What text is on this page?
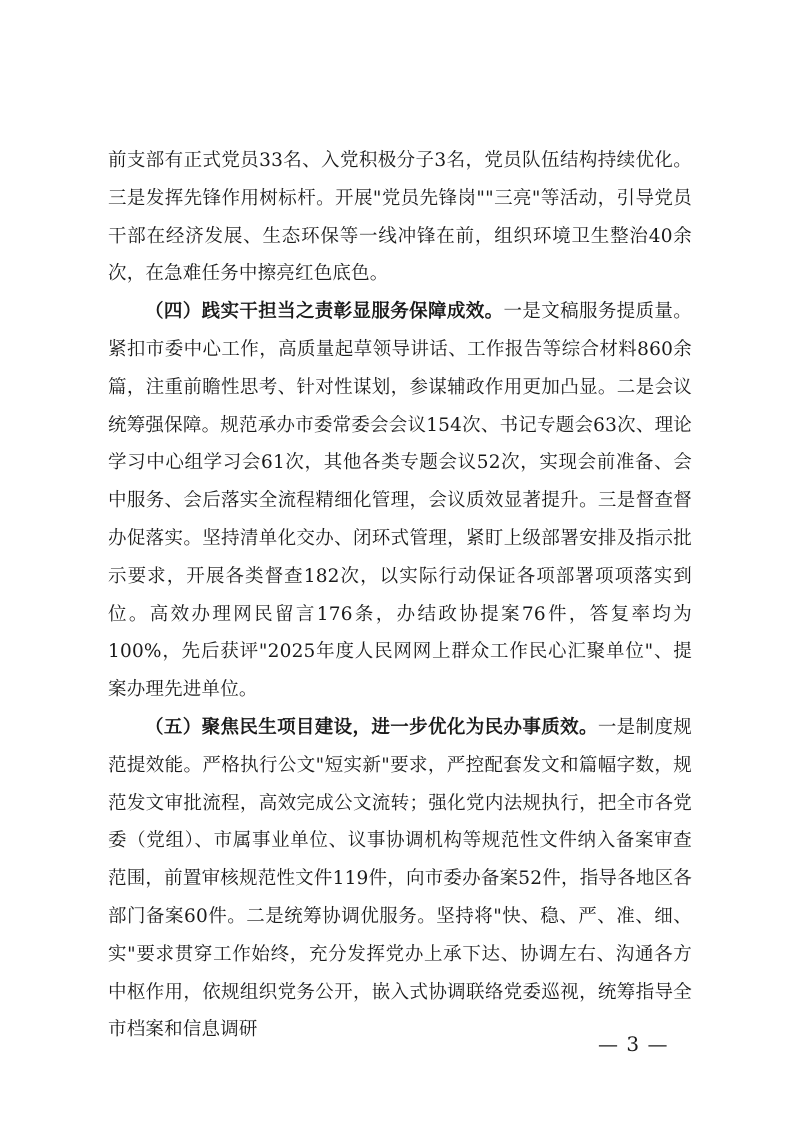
前支部有正式党员33名、入党积极分子3名，党员队伍结构持续优化。三是发挥先锋作用树标杆。开展"党员先锋岗""三亮"等活动，引导党员干部在经济发展、生态环保等一线冲锋在前，组织环境卫生整治40余次，在急难任务中擦亮红色底色。

（四）践实干担当之责彰显服务保障成效。一是文稿服务提质量。紧扣市委中心工作，高质量起草领导讲话、工作报告等综合材料860余篇，注重前瞻性思考、针对性谋划，参谋辅政作用更加凸显。二是会议统筹强保障。规范承办市委常委会会议154次、书记专题会63次、理论学习中心组学习会61次，其他各类专题会议52次，实现会前准备、会中服务、会后落实全流程精细化管理，会议质效显著提升。三是督查督办促落实。坚持清单化交办、闭环式管理，紧盯上级部署安排及指示批示要求，开展各类督查182次，以实际行动保证各项部署项项落实到位。高效办理网民留言176条，办结政协提案76件，答复率均为100%，先后获评"2025年度人民网网上群众工作民心汇聚单位"、提案办理先进单位。

（五）聚焦民生项目建设，进一步优化为民办事质效。一是制度规范提效能。严格执行公文"短实新"要求，严控配套发文和篇幅字数，规范发文审批流程，高效完成公文流转；强化党内法规执行，把全市各党委（党组）、市属事业单位、议事协调机构等规范性文件纳入备案审查范围，前置审核规范性文件119件，向市委办备案52件，指导各地区各部门备案60件。二是统筹协调优服务。坚持将"快、稳、严、准、细、实"要求贯穿工作始终，充分发挥党办上承下达、协调左右、沟通各方中枢作用，依规组织党务公开，嵌入式协调联络党委巡视，统筹指导全市档案和信息调研

— 3 —
